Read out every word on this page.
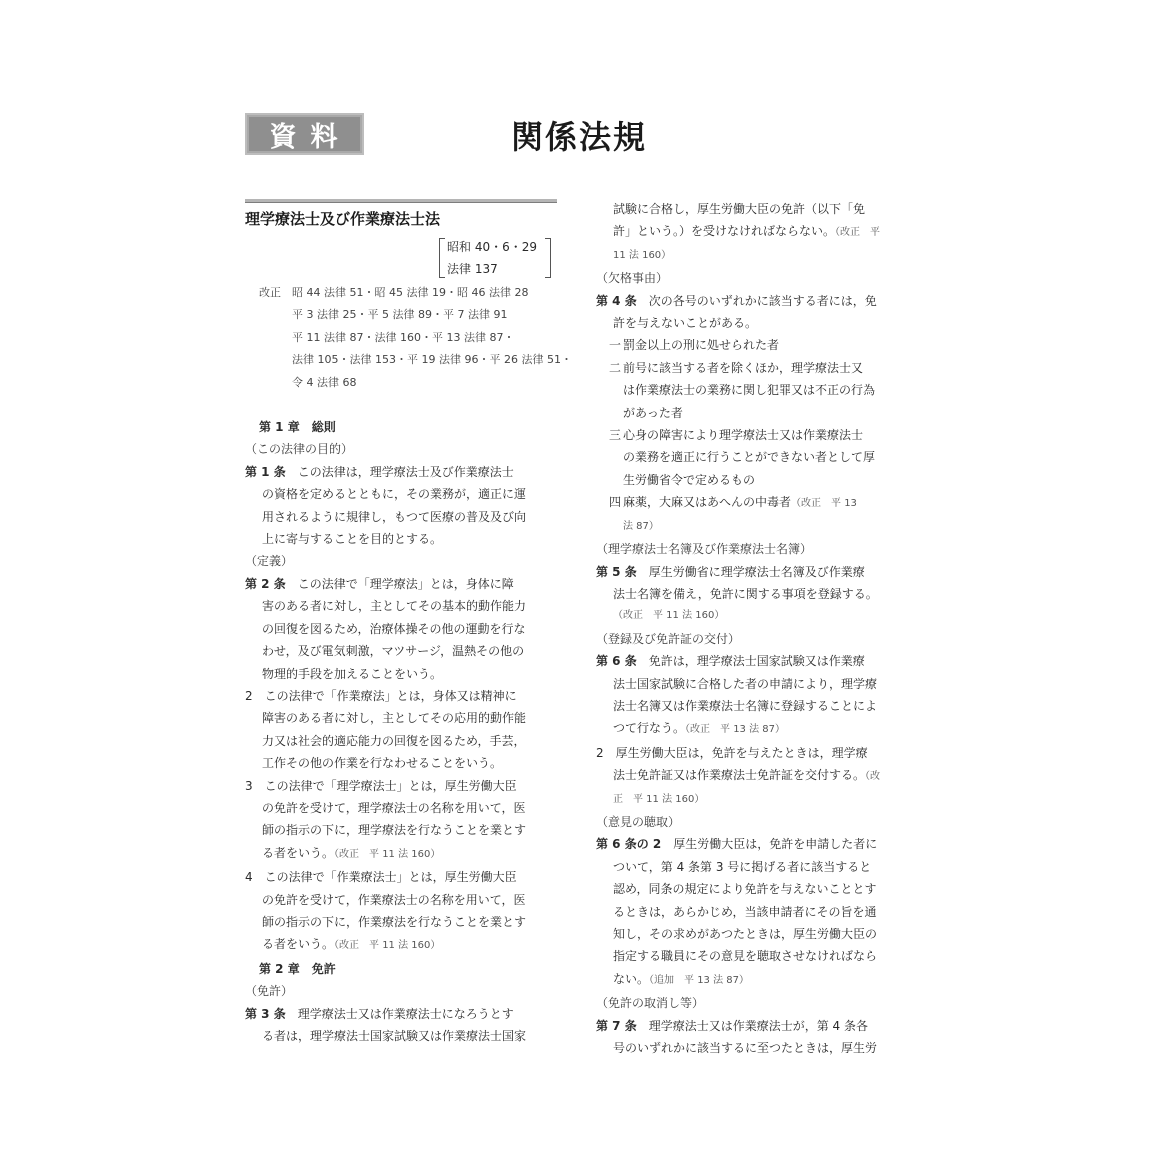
資料	関係法規
理学療法士及び作業療法士法
昭和 40・6・29
法律 137
改正	昭 44 法律 51・昭 45 法律 19・昭 46 法律 28
平 3 法律 25・平 5 法律 89・平 7 法律 91
平 11 法律 87・法律 160・平 13 法律 87・
法律 105・法律 153・平 19 法律 96・平 26 法律 51・
令 4 法律 68
第 1 章　総則
（この法律の目的）
第 1 条　この法律は，理学療法士及び作業療法士
の資格を定めるとともに，その業務が，適正に運
用されるように規律し，もつて医療の普及及び向
上に寄与することを目的とする。
（定義）
第 2 条　この法律で「理学療法」とは，身体に障
害のある者に対し，主としてその基本的動作能力
の回復を図るため，治療体操その他の運動を行な
わせ，及び電気刺激，マツサージ，温熱その他の
物理的手段を加えることをいう。
2　この法律で「作業療法」とは，身体又は精神に
障害のある者に対し，主としてその応用的動作能
力又は社会的適応能力の回復を図るため，手芸，
工作その他の作業を行なわせることをいう。
3　この法律で「理学療法士」とは，厚生労働大臣
の免許を受けて，理学療法士の名称を用いて，医
師の指示の下に，理学療法を行なうことを業とす
る者をいう。（改正　平 11 法 160）
4　この法律で「作業療法士」とは，厚生労働大臣
の免許を受けて，作業療法士の名称を用いて，医
師の指示の下に，作業療法を行なうことを業とす
る者をいう。（改正　平 11 法 160）
第 2 章　免許
（免許）
第 3 条　理学療法士又は作業療法士になろうとす
る者は，理学療法士国家試験又は作業療法士国家
試験に合格し，厚生労働大臣の免許（以下「免
許」という。）を受けなければならない。（改正　平
11 法 160）
（欠格事由）
第 4 条　次の各号のいずれかに該当する者には，免
許を与えないことがある。
一 罰金以上の刑に処せられた者
二 前号に該当する者を除くほか，理学療法士又
は作業療法士の業務に関し犯罪又は不正の行為
があった者
三 心身の障害により理学療法士又は作業療法士
の業務を適正に行うことができない者として厚
生労働省令で定めるもの
四 麻薬，大麻又はあへんの中毒者（改正　平 13
法 87）
（理学療法士名簿及び作業療法士名簿）
第 5 条　厚生労働省に理学療法士名簿及び作業療
法士名簿を備え，免許に関する事項を登録する。
（改正　平 11 法 160）
（登録及び免許証の交付）
第 6 条　免許は，理学療法士国家試験又は作業療
法士国家試験に合格した者の申請により，理学療
法士名簿又は作業療法士名簿に登録することによ
つて行なう。（改正　平 13 法 87）
2　厚生労働大臣は，免許を与えたときは，理学療
法士免許証又は作業療法士免許証を交付する。（改
正　平 11 法 160）
（意見の聴取）
第 6 条の 2　厚生労働大臣は，免許を申請した者に
ついて，第 4 条第 3 号に掲げる者に該当すると
認め，同条の規定により免許を与えないこととす
るときは，あらかじめ，当該申請者にその旨を通
知し，その求めがあつたときは，厚生労働大臣の
指定する職員にその意見を聴取させなければなら
ない。（追加　平 13 法 87）
（免許の取消し等）
第 7 条　理学療法士又は作業療法士が，第 4 条各
号のいずれかに該当するに至つたときは，厚生労
